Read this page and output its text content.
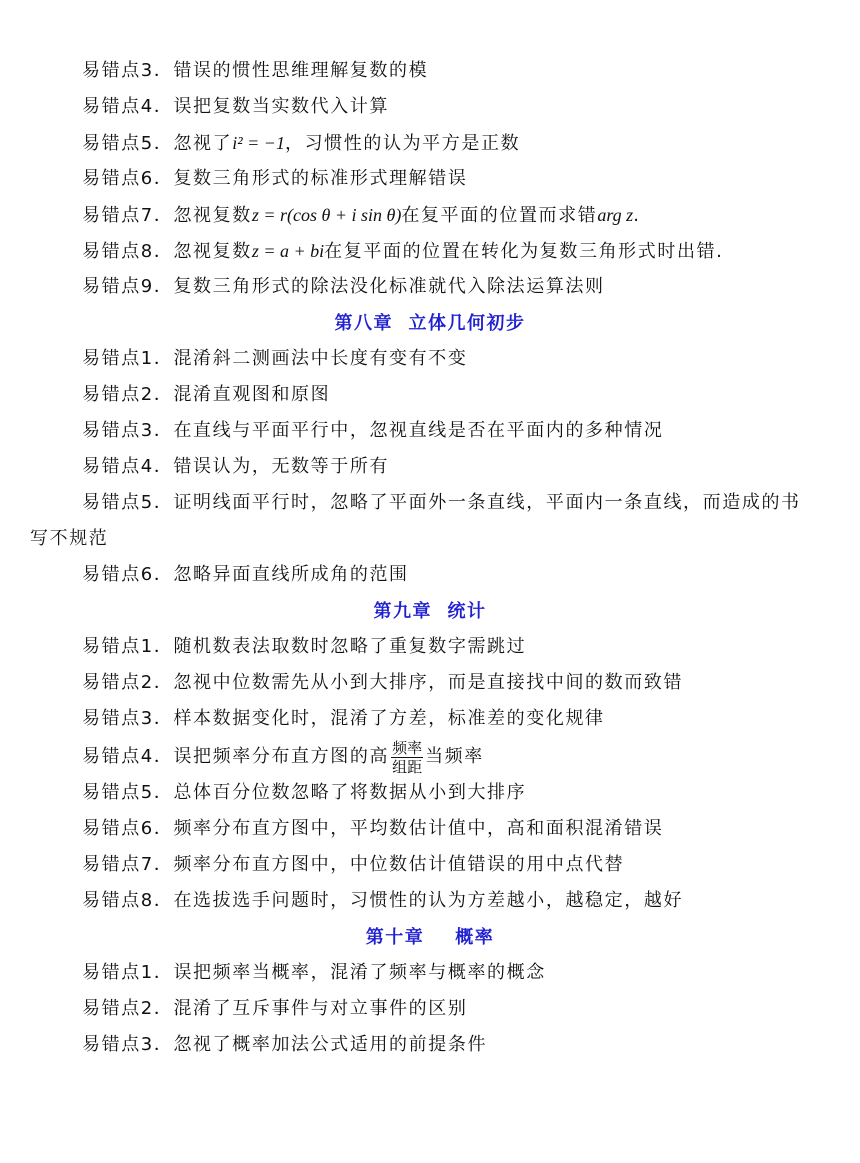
易错点3．错误的惯性思维理解复数的模
易错点4．误把复数当实数代入计算
易错点5．忽视了i² = −1，习惯性的认为平方是正数
易错点6．复数三角形式的标准形式理解错误
易错点7．忽视复数z = r(cos θ + i sin θ)在复平面的位置而求错arg z.
易错点8．忽视复数z = a + bi在复平面的位置在转化为复数三角形式时出错.
易错点9．复数三角形式的除法没化标准就代入除法运算法则
第八章  立体几何初步
易错点1．混淆斜二测画法中长度有变有不变
易错点2．混淆直观图和原图
易错点3．在直线与平面平行中，忽视直线是否在平面内的多种情况
易错点4．错误认为，无数等于所有
易错点5．证明线面平行时，忽略了平面外一条直线，平面内一条直线，而造成的书
写不规范
易错点6．忽略异面直线所成角的范围
第九章  统计
易错点1．随机数表法取数时忽略了重复数字需跳过
易错点2．忽视中位数需先从小到大排序，而是直接找中间的数而致错
易错点3．样本数据变化时，混淆了方差，标准差的变化规律
易错点4．误把频率分布直方图的高 $\frac{\text{频率}}{\text{组距}}$ 当频率
易错点5．总体百分位数忽略了将数据从小到大排序
易错点6．频率分布直方图中，平均数估计值中，高和面积混淆错误
易错点7．频率分布直方图中，中位数估计值错误的用中点代替
易错点8．在选拔选手问题时，习惯性的认为方差越小，越稳定，越好
第十章    概率
易错点1．误把频率当概率，混淆了频率与概率的概念
易错点2．混淆了互斥事件与对立事件的区别
易错点3．忽视了概率加法公式适用的前提条件
